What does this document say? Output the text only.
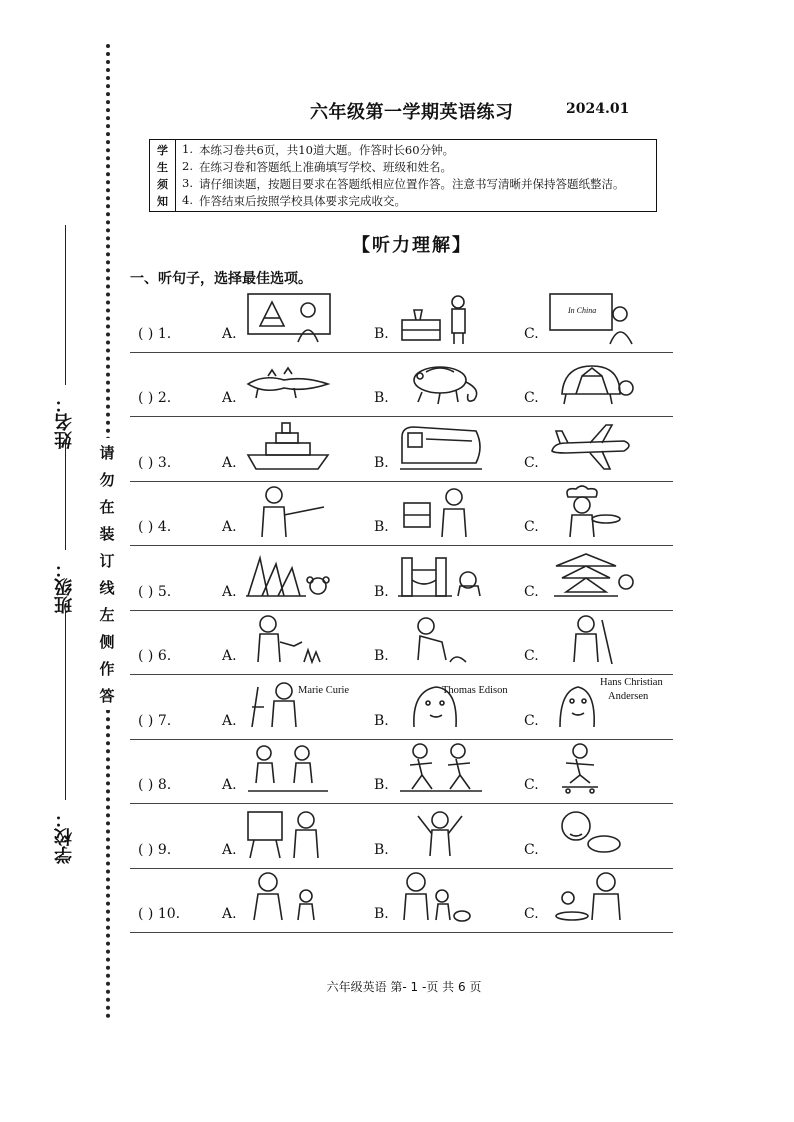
姓名：
班级：
学校：
请
勿
在
装
订
线
左
侧
作
答
六年级第一学期英语练习	2024.01
学
生
须
知
1. 本练习卷共6页，共10道大题。作答时长60分钟。
2. 在练习卷和答题纸上准确填写学校、班级和姓名。
3. 请仔细读题，按题目要求在答题纸相应位置作答。注意书写清晰并保持答题纸整洁。
4. 作答结束后按照学校具体要求完成收交。
【听力理解】
一、听句子，选择最佳选项。
( ) 1.	A.	B.	C.
In China
( ) 2.	A.	B.	C.
( ) 3.	A.	B.	C.
( ) 4.	A.	B.	C.
( ) 5.	A.	B.	C.
( ) 6.	A.	B.	C.
( ) 7.	A.	B.	C.
Marie Curie	Thomas Edison
Hans Christian
Andersen
( ) 8.	A.	B.	C.
( ) 9.	A.	B.	C.
( ) 10.	A.	B.	C.
六年级英语 第- 1 -页 共 6 页
